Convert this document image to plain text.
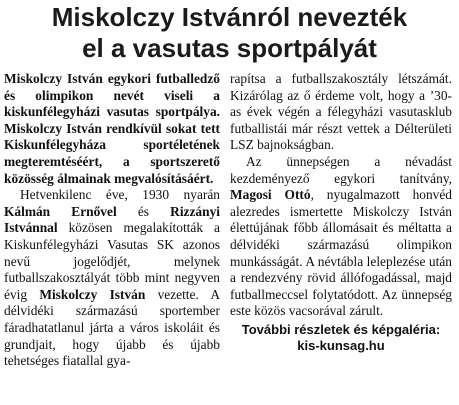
Miskolczy Istvánról nevezték
el a vasutas sportpályát

Miskolczy István egykori futballedző és olimpikon nevét viseli a kiskunfélegyházi vasutas sportpálya. Miskolczy István rendkívül sokat tett Kiskunfélegyháza sportéletének megteremtéséért, a sportszerető közösség álmainak megvalósításáért.

Hetvenkilenc éve, 1930 nyarán Kálmán Ernővel és Rizzányi Istvánnal közösen megalakították a Kiskunfélegyházi Vasutas SK azonos nevű jogelődjét, melynek futballszakosztályát több mint negyven évig Miskolczy István vezette. A délvidéki származású sportember fáradhatatlanul járta a város iskoláit és grundjait, hogy újabb és újabb tehetséges fiatallal gya-

rapítsa a futballszakosztály létszámát. Kizárólag az ő érdeme volt, hogy a ’30-as évek végén a félegyházi vasutasklub futballistái már részt vettek a Délterületi LSZ bajnokságban.

Az ünnepségen a névadást kezdeményező egykori tanítvány, Magosi Ottó, nyugalmazott honvéd alezredes ismertette Miskolczy István élettújának főbb állomásait és méltatta a délvidéki származású olimpikon munkásságát. A névtábla leleplezése után a rendezvény rövid állófogadással, majd futballmeccsel folytatódott. Az ünnepség este közös vacsorával zárult.

További részletek és képgaléria:
kis-kunsag.hu
